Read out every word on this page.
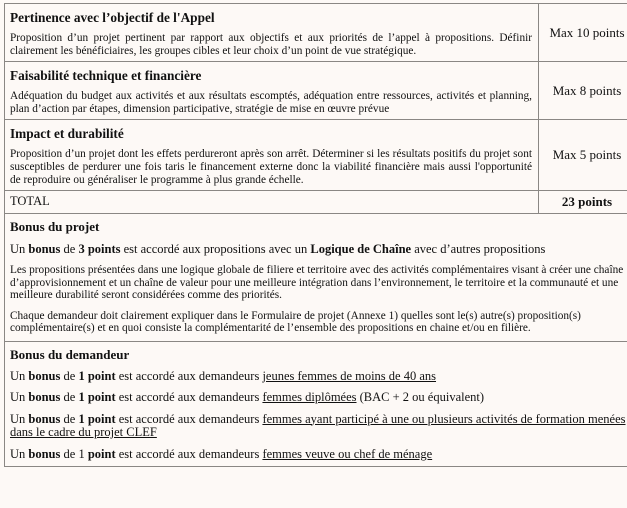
Pertinence avec l’objectif de l'Appel

Proposition d’un projet pertinent par rapport aux objectifs et aux priorités de l’appel à propositions. Définir clairement les bénéficiaires, les groupes cibles et leur choix d’un point de vue stratégique.	Max 10 points

Faisabilité technique et financière

Adéquation du budget aux activités et aux résultats escomptés, adéquation entre ressources, activités et planning, plan d’action par étapes, dimension participative, stratégie de mise en œuvre prévue	Max 8 points

Impact et durabilité

Proposition d’un projet dont les effets perdureront après son arrêt. Déterminer si les résultats positifs du projet sont susceptibles de perdurer une fois taris le financement externe donc la viabilité financière mais aussi l'opportunité de reproduire ou généraliser le programme à plus grande échelle.	Max 5 points
TOTAL	23 points

Bonus du projet

Un bonus de 3 points est accordé aux propositions avec un Logique de Chaîne avec d’autres propositions

Les propositions présentées dans une logique globale de filiere et territoire avec des activités complémentaires visant à créer une chaîne d’approvisionnement et un chaîne de valeur pour une meilleure intégration dans l’environnement, le territoire et la communauté et une meilleure durabilité seront considérées comme des priorités.

Chaque demandeur doit clairement expliquer dans le Formulaire de projet (Annexe 1) quelles sont le(s) autre(s) proposition(s) complémentaire(s) et en quoi consiste la complémentarité de l’ensemble des propositions en chaine et/ou en filière.	

Bonus du demandeur

Un bonus de 1 point est accordé aux demandeurs jeunes femmes de moins de 40 ans

Un bonus de 1 point est accordé aux demandeurs femmes diplômées (BAC + 2 ou équivalent)

Un bonus de 1 point est accordé aux demandeurs femmes ayant participé à une ou plusieurs activités de formation menées dans le cadre du projet CLEF

Un bonus de 1 point est accordé aux demandeurs femmes veuve ou chef de ménage	
